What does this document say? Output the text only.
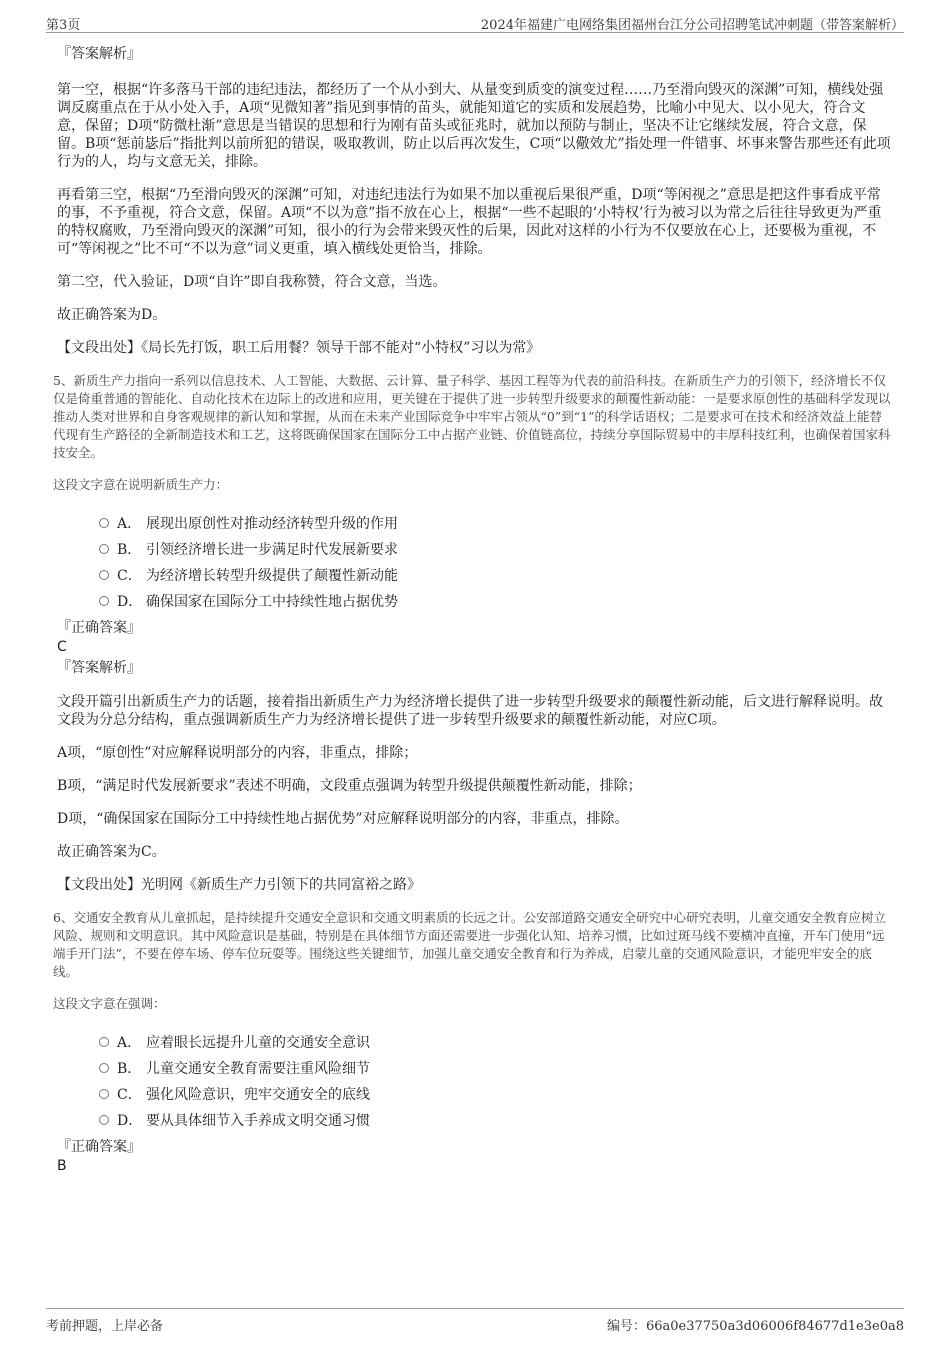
第3页	2024年福建广电网络集团福州台江分公司招聘笔试冲刺题（带答案解析）

『答案解析』

第一空，根据“许多落马干部的违纪违法，都经历了一个从小到大、从量变到质变的演变过程……乃至滑向毁灭的深渊”可知，横线处强调反腐重点在于从小处入手，A项“见微知著”指见到事情的苗头，就能知道它的实质和发展趋势，比喻小中见大、以小见大，符合文意，保留；D项“防微杜渐”意思是当错误的思想和行为刚有苗头或征兆时，就加以预防与制止，坚决不让它继续发展，符合文意，保留。B项“惩前毖后”指批判以前所犯的错误，吸取教训，防止以后再次发生，C项“以儆效尤”指处理一件错事、坏事来警告那些还有此项行为的人，均与文意无关，排除。

再看第三空，根据“乃至滑向毁灭的深渊”可知，对违纪违法行为如果不加以重视后果很严重，D项“等闲视之”意思是把这件事看成平常的事，不予重视，符合文意，保留。A项“不以为意”指不放在心上，根据“一些不起眼的‘小特权’行为被习以为常之后往往导致更为严重的特权腐败，乃至滑向毁灭的深渊”可知，很小的行为会带来毁灭性的后果，因此对这样的小行为不仅要放在心上，还要极为重视，不可“等闲视之”比不可“不以为意”词义更重，填入横线处更恰当，排除。

第二空，代入验证，D项“自许”即自我称赞，符合文意，当选。

故正确答案为D。

【文段出处】《局长先打饭，职工后用餐？领导干部不能对“小特权”习以为常》

5、新质生产力指向一系列以信息技术、人工智能、大数据、云计算、量子科学、基因工程等为代表的前沿科技。在新质生产力的引领下，经济增长不仅仅是倚重普通的智能化、自动化技术在边际上的改进和应用，更关键在于提供了进一步转型升级要求的颠覆性新动能：一是要求原创性的基础科学发现以推动人类对世界和自身客观规律的新认知和掌握，从而在未来产业国际竞争中牢牢占领从“0”到“1”的科学话语权；二是要求可在技术和经济效益上能替代现有生产路径的全新制造技术和工艺，这将既确保国家在国际分工中占据产业链、价值链高位，持续分享国际贸易中的丰厚科技红利，也确保着国家科技安全。

这段文字意在说明新质生产力：

A． 展现出原创性对推动经济转型升级的作用
B． 引领经济增长进一步满足时代发展新要求
C． 为经济增长转型升级提供了颠覆性新动能
D． 确保国家在国际分工中持续性地占据优势

『正确答案』

C

『答案解析』

文段开篇引出新质生产力的话题，接着指出新质生产力为经济增长提供了进一步转型升级要求的颠覆性新动能，后文进行解释说明。故文段为分总分结构，重点强调新质生产力为经济增长提供了进一步转型升级要求的颠覆性新动能，对应C项。

A项，“原创性”对应解释说明部分的内容，非重点，排除；

B项，“满足时代发展新要求”表述不明确，文段重点强调为转型升级提供颠覆性新动能，排除；

D项，“确保国家在国际分工中持续性地占据优势”对应解释说明部分的内容，非重点，排除。

故正确答案为C。

【文段出处】光明网《新质生产力引领下的共同富裕之路》

6、交通安全教育从儿童抓起，是持续提升交通安全意识和交通文明素质的长远之计。公安部道路交通安全研究中心研究表明，儿童交通安全教育应树立风险、规则和文明意识。其中风险意识是基础，特别是在具体细节方面还需要进一步强化认知、培养习惯，比如过斑马线不要横冲直撞，开车门使用“远端手开门法”，不要在停车场、停车位玩耍等。围绕这些关键细节，加强儿童交通安全教育和行为养成，启蒙儿童的交通风险意识，才能兜牢安全的底线。

这段文字意在强调：

A． 应着眼长远提升儿童的交通安全意识
B． 儿童交通安全教育需要注重风险细节
C． 强化风险意识，兜牢交通安全的底线
D． 要从具体细节入手养成文明交通习惯

『正确答案』

B

考前押题，上岸必备	编号：66a0e37750a3d06006f84677d1e3e0a8
